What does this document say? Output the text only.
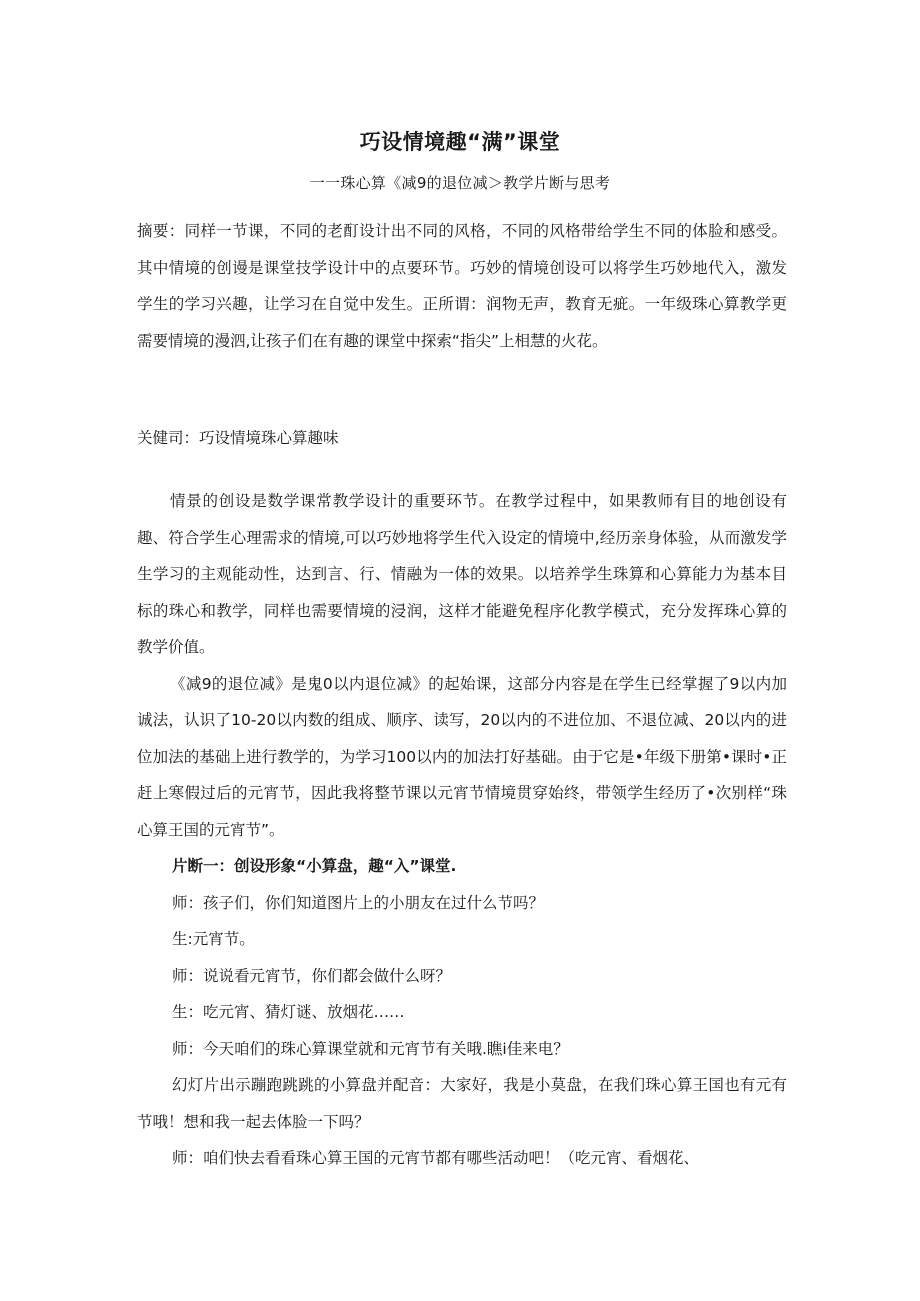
巧设情境趣“满”课堂
一一珠心算《减9的退位减＞教学片断与思考

摘要：同样一节课，不同的老酊设计出不同的风格，不同的风格带给学生不同的体脸和感受。其中情境的创谩是课堂技学设计中的点要环节。巧妙的情境创设可以将学生巧妙地代入，激发学生的学习兴趣，让学习在自觉中发生。正所谓：润物无声，教育无疵。一年级珠心算教学更需要情境的漫泗,让孩子们在有趣的课堂中探索“指尖”上相慧的火花。

关健司：巧设情境珠心算趣味

情景的创设是数学课常教学设计的重要环节。在教学过程中，如果教师有目的地创设有趣、符合学生心理需求的情境,可以巧妙地将学生代入设定的情境中,经历亲身体验，从而激发学生学习的主观能动性，达到言、行、情融为一体的效果。以培养学生珠算和心算能力为基本目标的珠心和教学，同样也需要情境的浸润，这样才能避免程序化教学模式，充分发挥珠心算的教学价值。

《减9的退位减》是鬼0以内退位减》的起始课，这部分内容是在学生已经掌握了9以内加诚法，认识了10-20以内数的组成、顺序、读写，20以内的不进位加、不退位减、20以内的进位加法的基础上进行教学的，为学习100以内的加法打好基础。由于它是•年级下册第•课时•正赶上寒假过后的元宵节，因此我将整节课以元宵节情境贯穿始终，带领学生经历了•次别样“珠心算王国的元宵节”。

片断一：创设形象“小算盘，趣“入”课堂.

师：孩子们，你们知道图片上的小朋友在过什么节吗？

生:元宵节。

师：说说看元宵节，你们都会做什么呀？

生：吃元宵、猜灯谜、放烟花……

师：今天咱们的珠心算课堂就和元宵节有关哦.瞧i佳来电？

幻灯片出示蹦跑跳跳的小算盘并配音：大家好，我是小莫盘，在我们珠心算王国也有元有节哦！想和我一起去体脸一下吗？

师：咱们快去看看珠心算王国的元宵节都有哪些活动吧！（吃元宵、看烟花、
